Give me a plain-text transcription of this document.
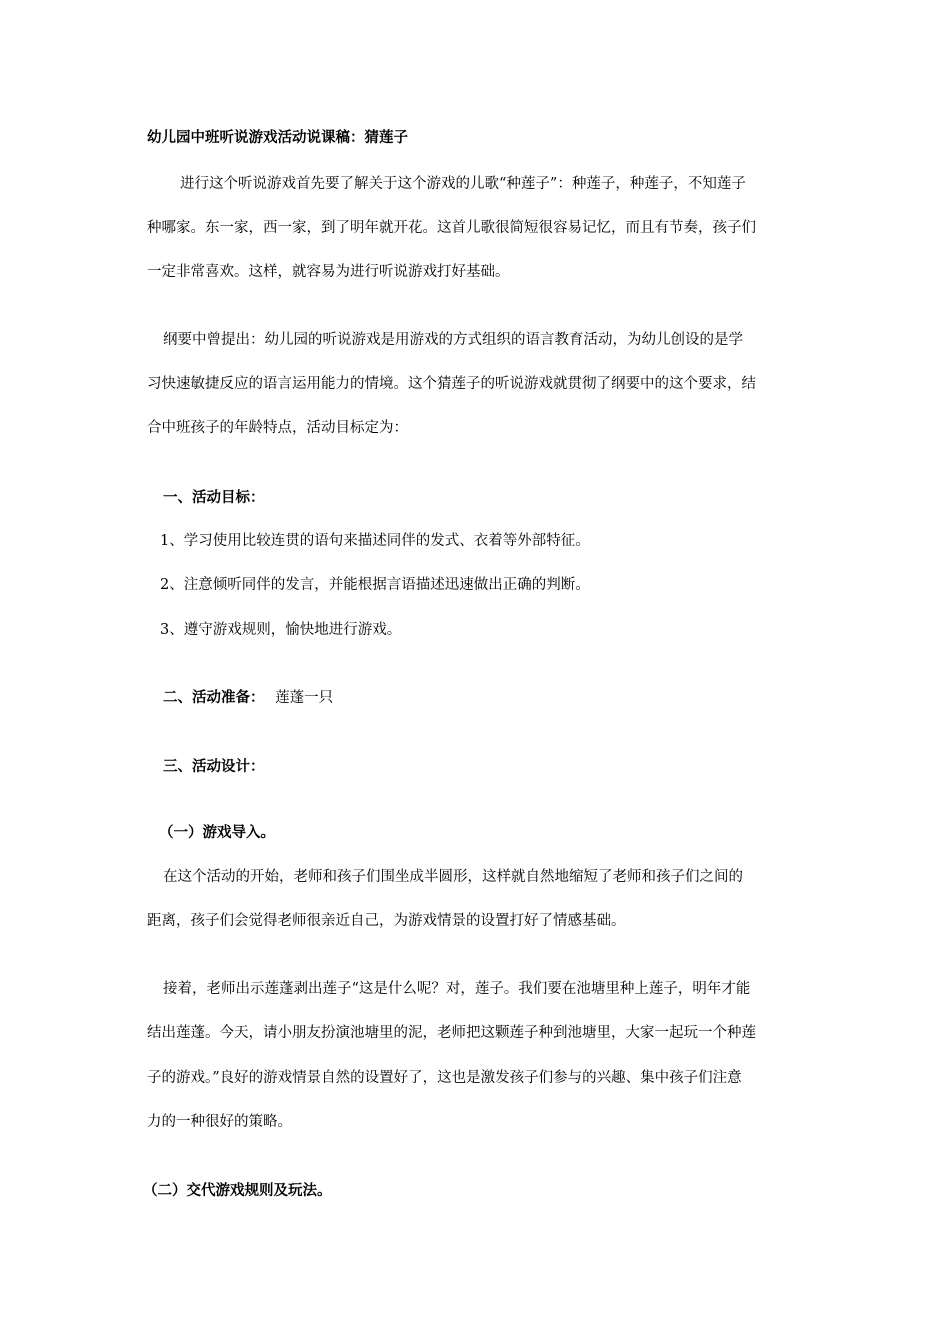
幼儿园中班听说游戏活动说课稿：猜莲子
进行这个听说游戏首先要了解关于这个游戏的儿歌“种莲子”：种莲子，种莲子，不知莲子
种哪家。东一家，西一家，到了明年就开花。这首儿歌很简短很容易记忆，而且有节奏，孩子们
一定非常喜欢。这样，就容易为进行听说游戏打好基础。
纲要中曾提出：幼儿园的听说游戏是用游戏的方式组织的语言教育活动，为幼儿创设的是学
习快速敏捷反应的语言运用能力的情境。这个猜莲子的听说游戏就贯彻了纲要中的这个要求，结
合中班孩子的年龄特点，活动目标定为：
一、活动目标：
1、学习使用比较连贯的语句来描述同伴的发式、衣着等外部特征。
2、注意倾听同伴的发言，并能根据言语描述迅速做出正确的判断。
3、遵守游戏规则，愉快地进行游戏。
二、活动准备： 莲蓬一只
三、活动设计：
（一）游戏导入。
在这个活动的开始，老师和孩子们围坐成半圆形，这样就自然地缩短了老师和孩子们之间的
距离，孩子们会觉得老师很亲近自己，为游戏情景的设置打好了情感基础。
接着，老师出示莲蓬剥出莲子“这是什么呢？对，莲子。我们要在池塘里种上莲子，明年才能
结出莲蓬。今天，请小朋友扮演池塘里的泥，老师把这颗莲子种到池塘里，大家一起玩一个种莲
子的游戏。”良好的游戏情景自然的设置好了，这也是激发孩子们参与的兴趣、集中孩子们注意
力的一种很好的策略。
（二）交代游戏规则及玩法。
